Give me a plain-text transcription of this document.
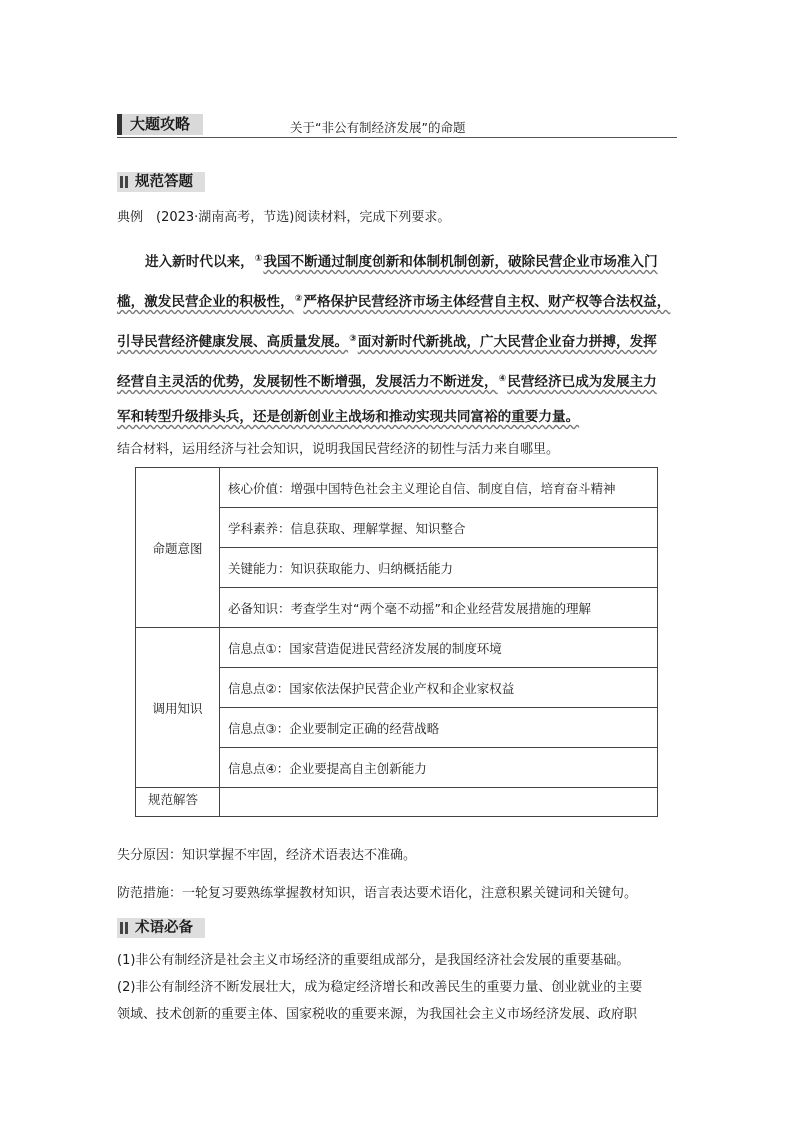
大题攻略	关于“非公有制经济发展”的命题
规范答题
典例　(2023·湖南高考，节选)阅读材料，完成下列要求。
进入新时代以来，①我国不断通过制度创新和体制机制创新，破除民营企业市场准入门
槛，激发民营企业的积极性，②严格保护民营经济市场主体经营自主权、财产权等合法权益，
引导民营经济健康发展、高质量发展。③面对新时代新挑战，广大民营企业奋力拼搏，发挥
经营自主灵活的优势，发展韧性不断增强，发展活力不断迸发，④民营经济已成为发展主力
军和转型升级排头兵，还是创新创业主战场和推动实现共同富裕的重要力量。
结合材料，运用经济与社会知识，说明我国民营经济的韧性与活力来自哪里。
命题意图	核心价值：增强中国特色社会主义理论自信、制度自信，培育奋斗精神
	学科素养：信息获取、理解掌握、知识整合
	关键能力：知识获取能力、归纳概括能力
	必备知识：考查学生对“两个毫不动摇”和企业经营发展措施的理解
调用知识	信息点①：国家营造促进民营经济发展的制度环境
	信息点②：国家依法保护民营企业产权和企业家权益
	信息点③：企业要制定正确的经营战略
	信息点④：企业要提高自主创新能力
规范解答	
失分原因：知识掌握不牢固，经济术语表达不准确。
防范措施：一轮复习要熟练掌握教材知识，语言表达要术语化，注意积累关键词和关键句。
术语必备
(1)非公有制经济是社会主义市场经济的重要组成部分，是我国经济社会发展的重要基础。
(2)非公有制经济不断发展壮大，成为稳定经济增长和改善民生的重要力量、创业就业的主要
领域、技术创新的重要主体、国家税收的重要来源，为我国社会主义市场经济发展、政府职
